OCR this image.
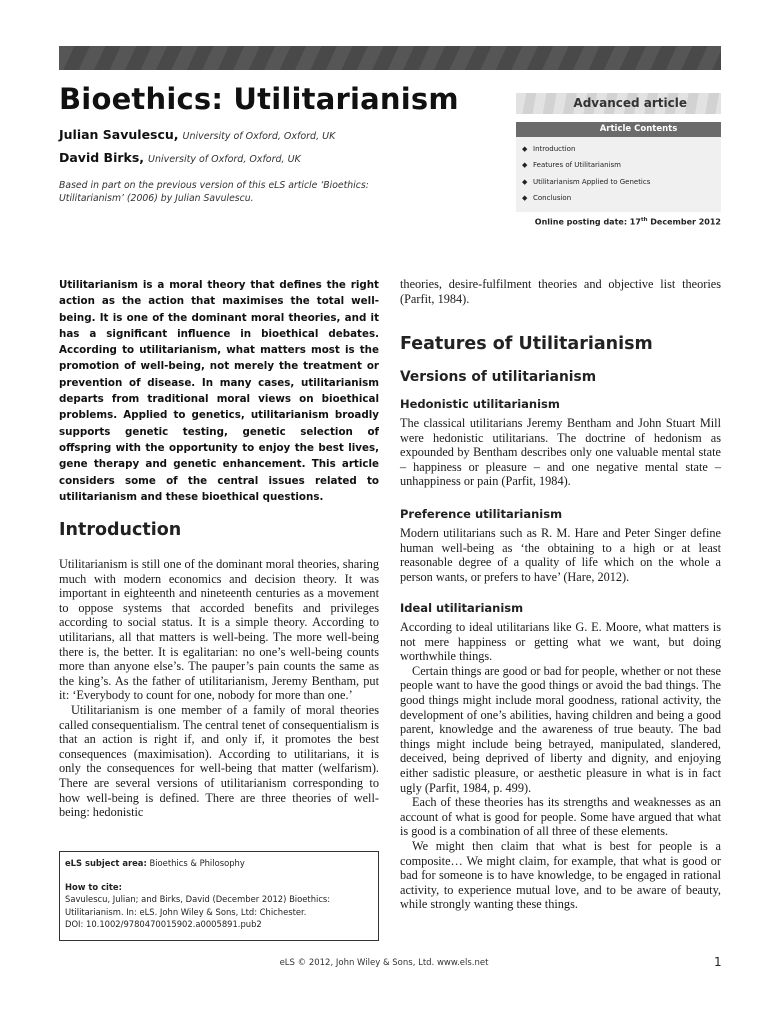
Bioethics: Utilitarianism
Julian Savulescu, University of Oxford, Oxford, UK
David Birks, University of Oxford, Oxford, UK
Based in part on the previous version of this eLS article ‘Bioethics: Utilitarianism’ (2006) by Julian Savulescu.
Advanced article
Article Contents
◆ Introduction
◆ Features of Utilitarianism
◆ Utilitarianism Applied to Genetics
◆ Conclusion
Online posting date: 17th December 2012
Utilitarianism is a moral theory that defines the right action as the action that maximises the total well-being. It is one of the dominant moral theories, and it has a significant influence in bioethical debates. According to utilitarianism, what matters most is the promotion of well-being, not merely the treatment or prevention of disease. In many cases, utilitarianism departs from traditional moral views on bioethical problems. Applied to genetics, utilitarianism broadly supports genetic testing, genetic selection of offspring with the opportunity to enjoy the best lives, gene therapy and genetic enhancement. This article considers some of the central issues related to utilitarianism and these bioethical questions.
Introduction

Utilitarianism is still one of the dominant moral theories, sharing much with modern economics and decision theory. It was important in eighteenth and nineteenth centuries as a movement to oppose systems that accorded benefits and privileges according to social status. It is a simple theory. According to utilitarians, all that matters is well-being. The more well-being there is, the better. It is egalitarian: no one’s well-being counts more than anyone else’s. The pauper’s pain counts the same as the king’s. As the father of utilitarianism, Jeremy Bentham, put it: ‘Everybody to count for one, nobody for more than one.’

Utilitarianism is one member of a family of moral theories called consequentialism. The central tenet of consequentialism is that an action is right if, and only if, it promotes the best consequences (maximisation). According to utilitarians, it is only the consequences for well-being that matter (welfarism). There are several versions of utilitarianism corresponding to how well-being is defined. There are three theories of well-being: hedonistic

eLS subject area: Bioethics & Philosophy
How to cite:
Savulescu, Julian; and Birks, David (December 2012) Bioethics: Utilitarianism. In: eLS. John Wiley & Sons, Ltd: Chichester.
DOI: 10.1002/9780470015902.a0005891.pub2
theories, desire-fulfilment theories and objective list theories (Parfit, 1984).
Features of Utilitarianism
Versions of utilitarianism
Hedonistic utilitarianism
The classical utilitarians Jeremy Bentham and John Stuart Mill were hedonistic utilitarians. The doctrine of hedonism as expounded by Bentham describes only one valuable mental state – happiness or pleasure – and one negative mental state – unhappiness or pain (Parfit, 1984).
Preference utilitarianism
Modern utilitarians such as R. M. Hare and Peter Singer define human well-being as ‘the obtaining to a high or at least reasonable degree of a quality of life which on the whole a person wants, or prefers to have’ (Hare, 2012).
Ideal utilitarianism

According to ideal utilitarians like G. E. Moore, what matters is not mere happiness or getting what we want, but doing worthwhile things.

Certain things are good or bad for people, whether or not these people want to have the good things or avoid the bad things. The good things might include moral goodness, rational activity, the development of one’s abilities, having children and being a good parent, knowledge and the awareness of true beauty. The bad things might include being betrayed, manipulated, slandered, deceived, being deprived of liberty and dignity, and enjoying either sadistic pleasure, or aesthetic pleasure in what is in fact ugly (Parfit, 1984, p. 499).

Each of these theories has its strengths and weaknesses as an account of what is good for people. Some have argued that what is good is a combination of all three of these elements.

We might then claim that what is best for people is a composite… We might claim, for example, that what is good or bad for someone is to have knowledge, to be engaged in rational activity, to experience mutual love, and to be aware of beauty, while strongly wanting these things.

eLS © 2012, John Wiley & Sons, Ltd. www.els.net	1
